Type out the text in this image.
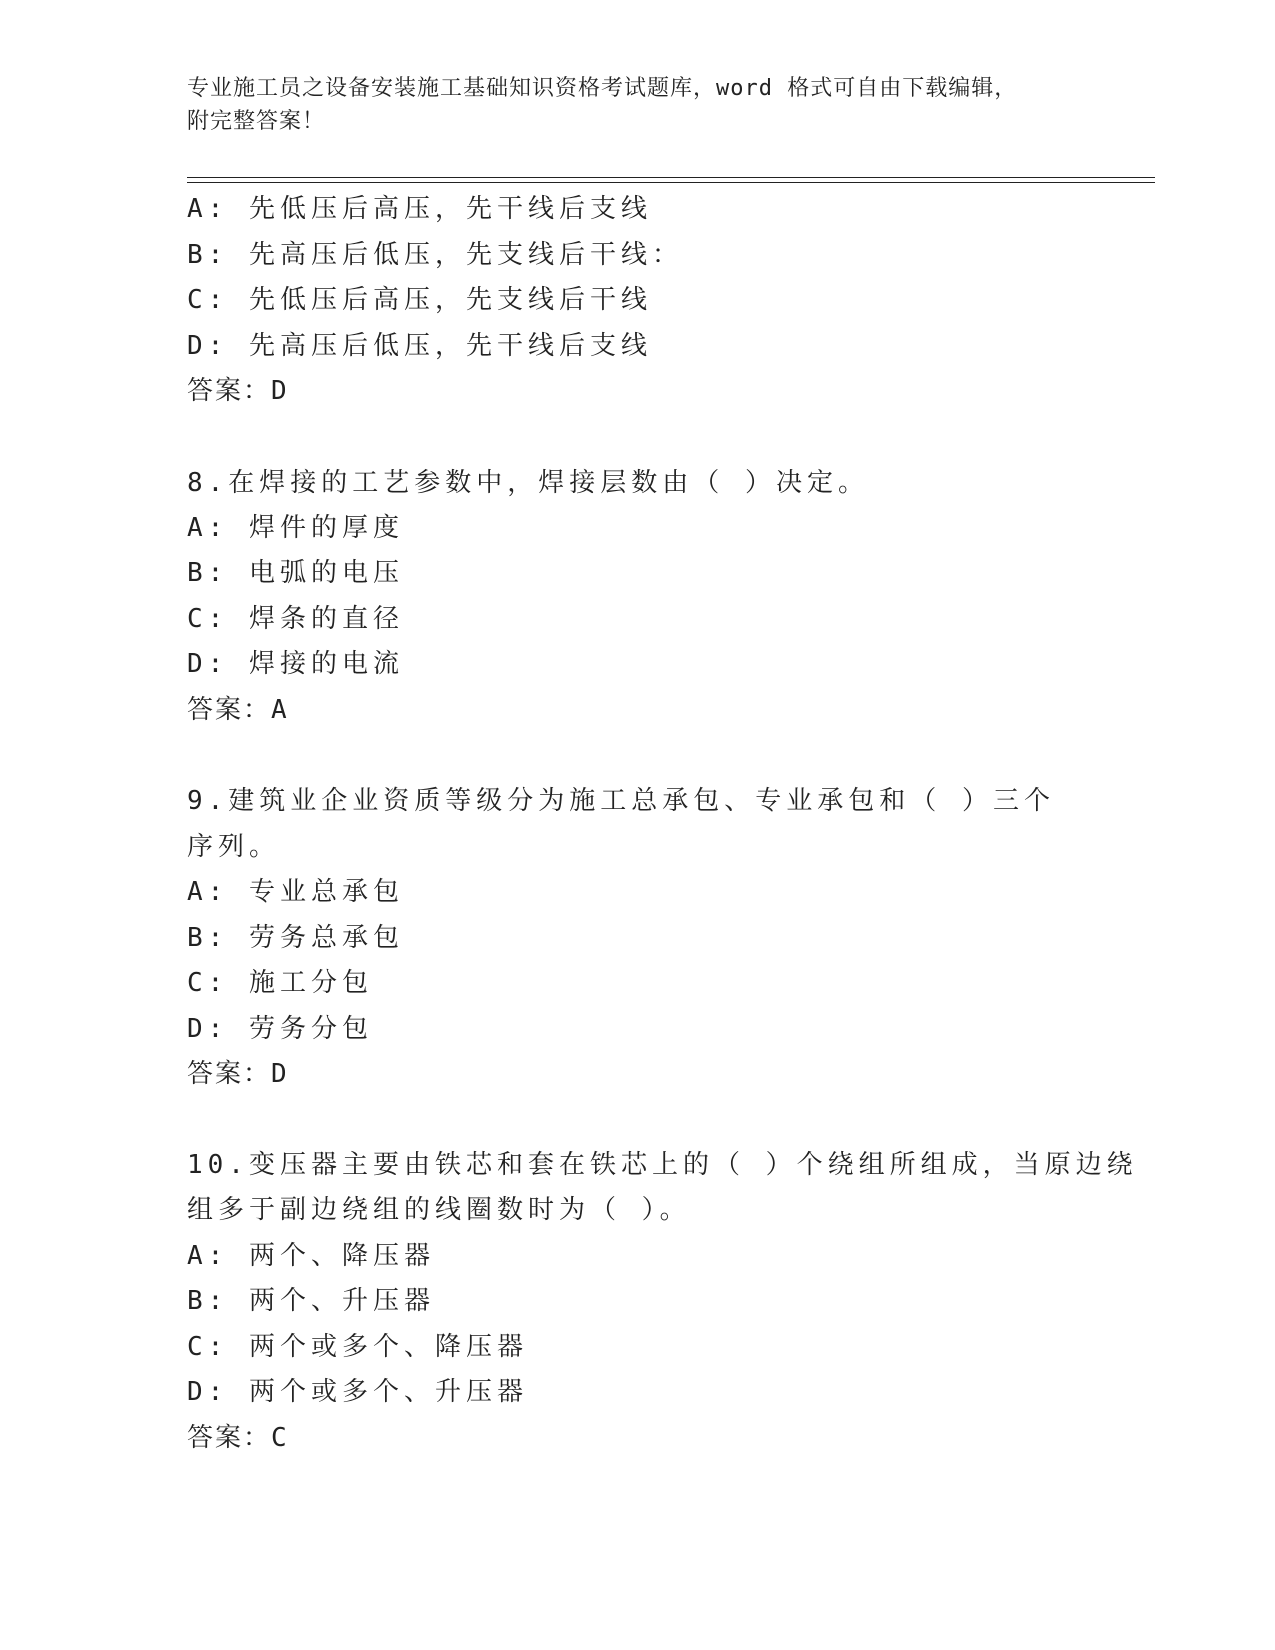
专业施工员之设备安装施工基础知识资格考试题库，word 格式可自由下载编辑，
附完整答案！
A: 先低压后高压，先干线后支线
B: 先高压后低压，先支线后干线：
C: 先低压后高压，先支线后干线
D: 先高压后低压，先干线后支线
答案：D
8.在焊接的工艺参数中，焊接层数由（ ）决定。
A: 焊件的厚度
B: 电弧的电压
C: 焊条的直径
D: 焊接的电流
答案：A
9.建筑业企业资质等级分为施工总承包、专业承包和（ ）三个序列。
A: 专业总承包
B: 劳务总承包
C: 施工分包
D: 劳务分包
答案：D
10.变压器主要由铁芯和套在铁芯上的（ ）个绕组所组成，当原边绕
组多于副边绕组的线圈数时为（ ）。
A: 两个、降压器
B: 两个、升压器
C: 两个或多个、降压器
D: 两个或多个、升压器
答案：C
